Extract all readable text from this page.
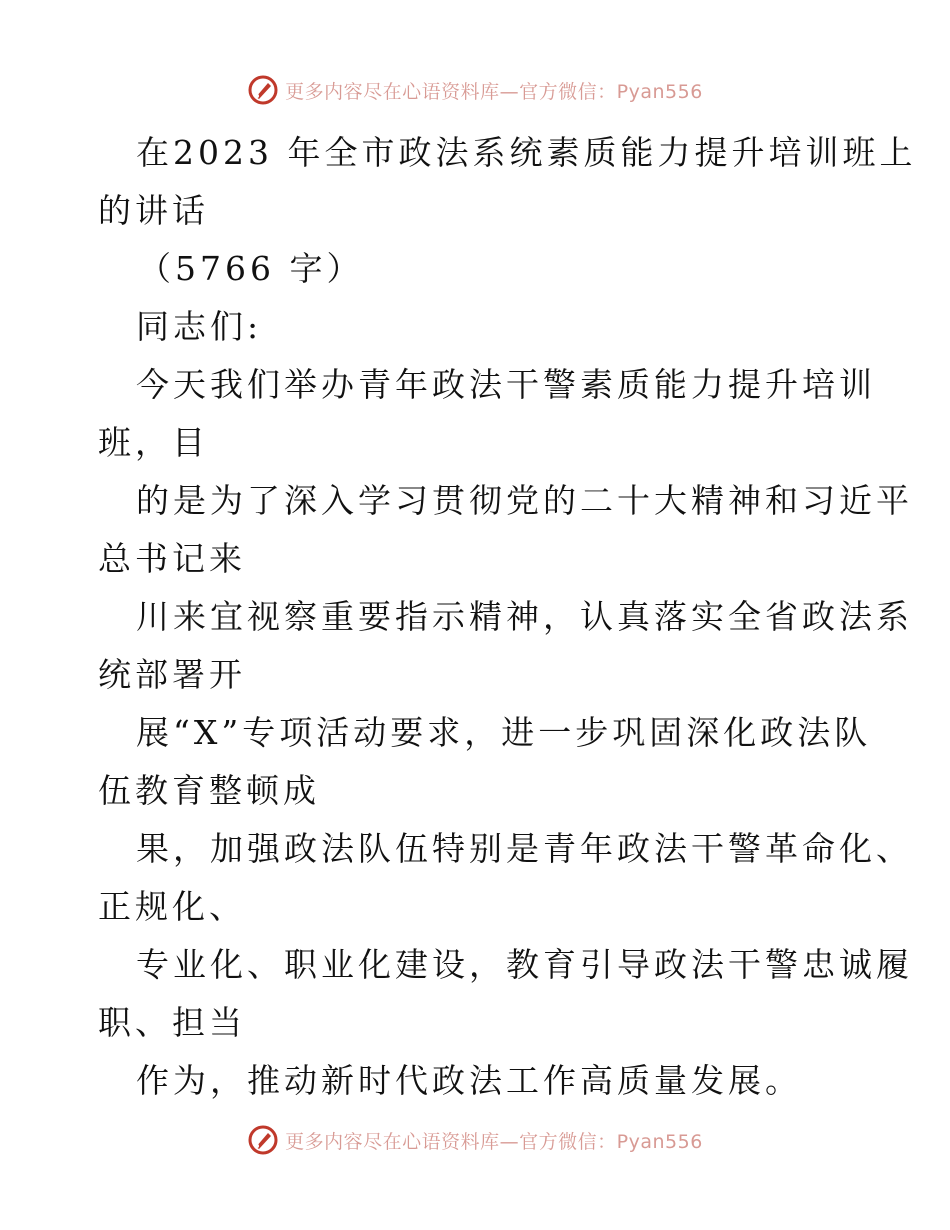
更多内容尽在心语资料库—官方微信：Pyan556
在2023 年全市政法系统素质能力提升培训班上
的讲话
（5766 字）
同志们:
今天我们举办青年政法干警素质能力提升培训
班，目
的是为了深入学习贯彻党的二十大精神和习近平
总书记来
川来宜视察重要指示精神，认真落实全省政法系
统部署开
展“X”专项活动要求，进一步巩固深化政法队
伍教育整顿成
果，加强政法队伍特别是青年政法干警革命化、
正规化、
专业化、职业化建设，教育引导政法干警忠诚履
职、担当
作为，推动新时代政法工作高质量发展。
更多内容尽在心语资料库—官方微信：Pyan556
